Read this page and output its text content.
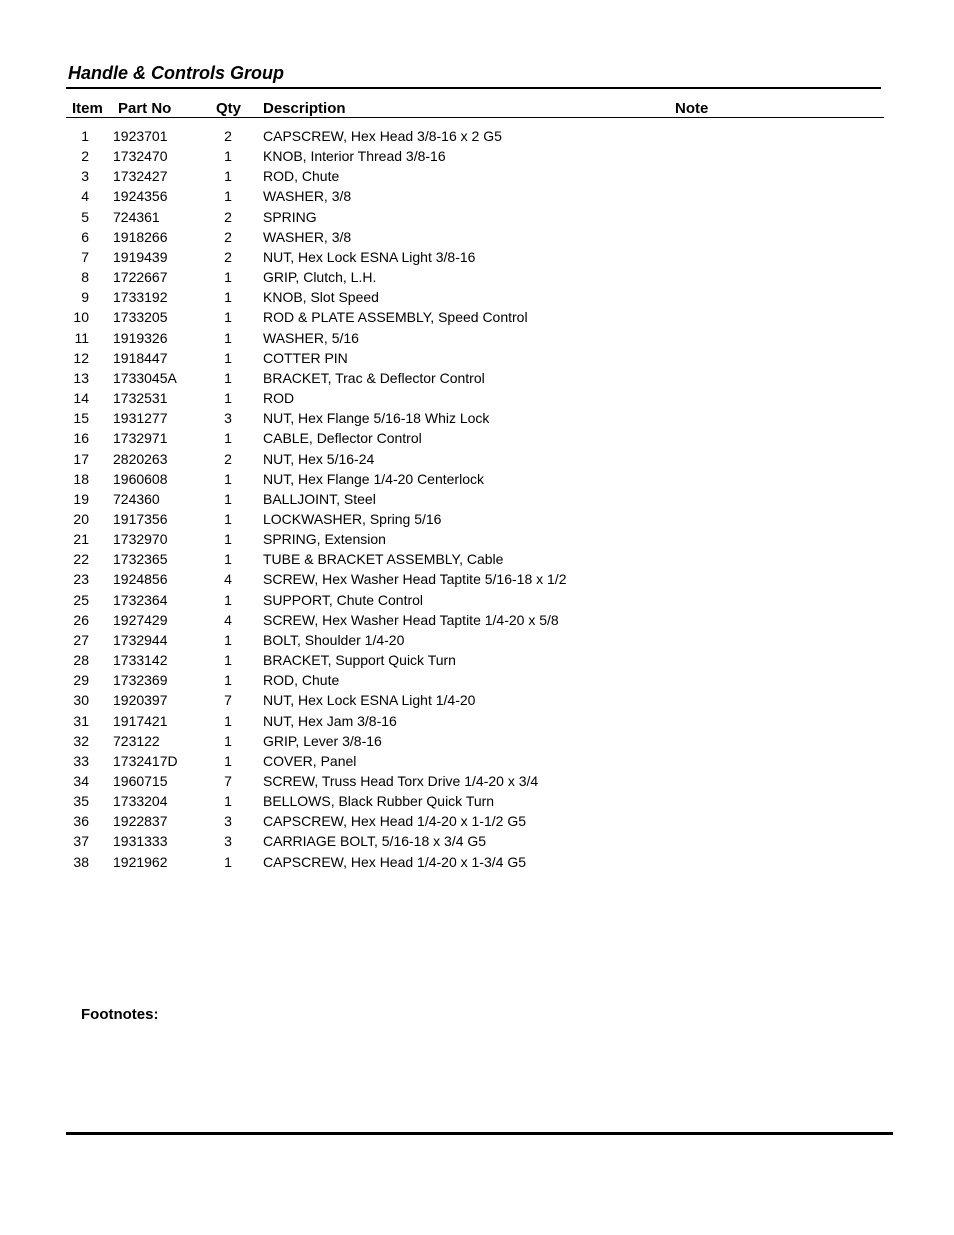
Handle & Controls Group
Item Part No	Qty Description	Note
1 1923701	2 CAPSCREW, Hex Head 3/8-16 x 2 G5
2 1732470	1 KNOB, Interior Thread 3/8-16
3 1732427	1 ROD, Chute
4 1924356	1 WASHER, 3/8
5 724361	2 SPRING
6 1918266	2 WASHER, 3/8
7 1919439	2 NUT, Hex Lock ESNA Light 3/8-16
8 1722667	1 GRIP, Clutch, L.H.
9 1733192	1 KNOB, Slot Speed
10 1733205	1 ROD & PLATE ASSEMBLY, Speed Control
11 1919326	1 WASHER, 5/16
12 1918447	1 COTTER PIN
13 1733045A	1 BRACKET, Trac & Deflector Control
14 1732531	1 ROD
15 1931277	3 NUT, Hex Flange 5/16-18 Whiz Lock
16 1732971	1 CABLE, Deflector Control
17 2820263	2 NUT, Hex 5/16-24
18 1960608	1 NUT, Hex Flange 1/4-20 Centerlock
19 724360	1 BALLJOINT, Steel
20 1917356	1 LOCKWASHER, Spring 5/16
21 1732970	1 SPRING, Extension
22 1732365	1 TUBE & BRACKET ASSEMBLY, Cable
23 1924856	4 SCREW, Hex Washer Head Taptite 5/16-18 x 1/2
25 1732364	1 SUPPORT, Chute Control
26 1927429	4 SCREW, Hex Washer Head Taptite 1/4-20 x 5/8
27 1732944	1 BOLT, Shoulder 1/4-20
28 1733142	1 BRACKET, Support Quick Turn
29 1732369	1 ROD, Chute
30 1920397	7 NUT, Hex Lock ESNA Light 1/4-20
31 1917421	1 NUT, Hex Jam 3/8-16
32 723122	1 GRIP, Lever 3/8-16
33 1732417D	1 COVER, Panel
34 1960715	7 SCREW, Truss Head Torx Drive 1/4-20 x 3/4
35 1733204	1 BELLOWS, Black Rubber Quick Turn
36 1922837	3 CAPSCREW, Hex Head 1/4-20 x 1-1/2 G5
37 1931333	3 CARRIAGE BOLT, 5/16-18 x 3/4 G5
38 1921962	1 CAPSCREW, Hex Head 1/4-20 x 1-3/4 G5
Footnotes:
